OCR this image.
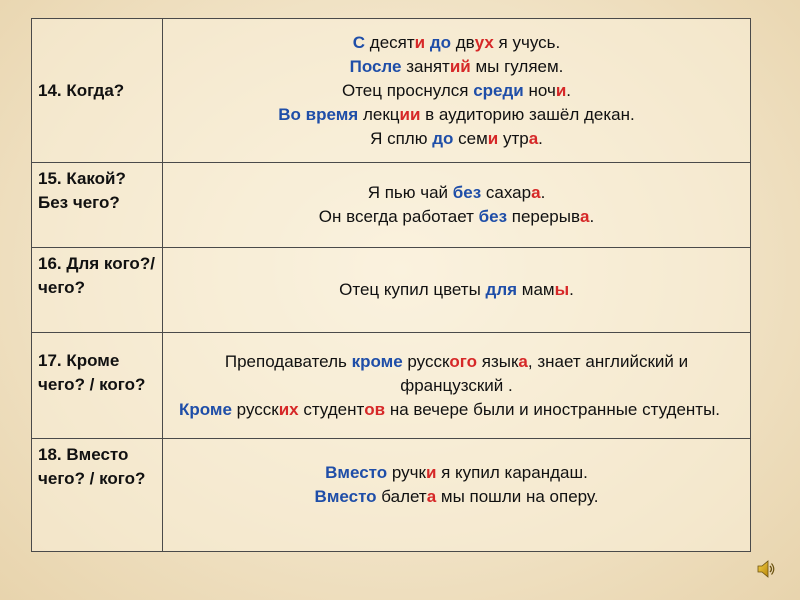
14. Когда?	С десяти до двух я учусь.
После занятий мы гуляем.
Отец проснулся среди ночи.
Во время лекции в аудиторию зашёл декан.
Я сплю до семи утра.

15. Какой? Без чего?	Я пью чай без сахара.
Он всегда работает без перерыва.

16. Для кого?/ чего?	Отец купил цветы для мамы.

17. Кроме чего? / кого?	Преподаватель кроме русского языка, знает английский и французский .
Кроме русских студентов на вечере были и иностранные студенты.

18. Вместо чего? / кого?	Вместо ручки я купил карандаш.
Вместо балета мы пошли на оперу.
